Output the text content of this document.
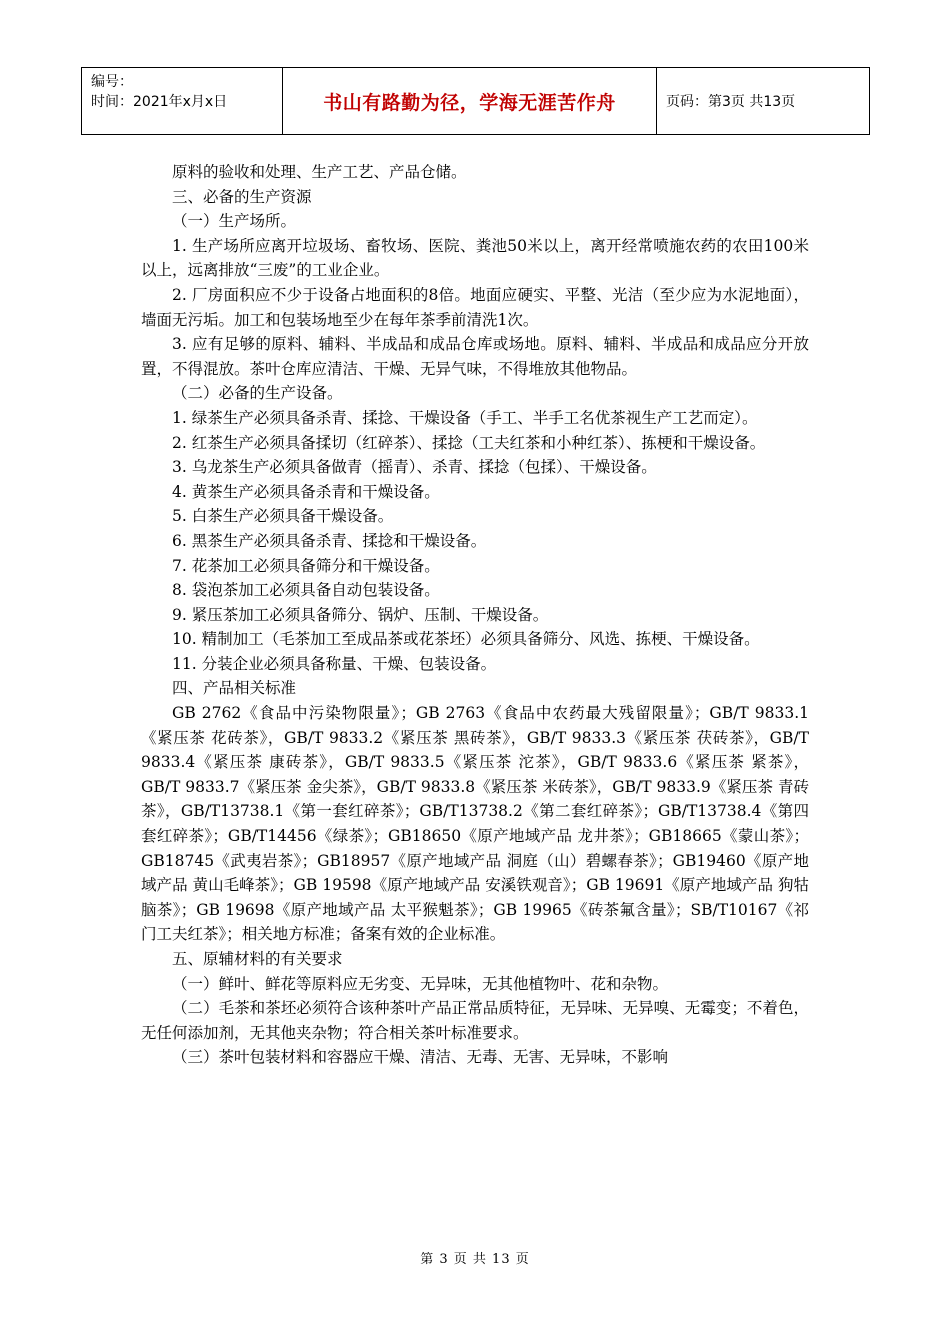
编号：
时间：2021年x月x日	书山有路勤为径，学海无涯苦作舟	页码：第3页 共13页

原料的验收和处理、生产工艺、产品仓储。

三、必备的生产资源

（一）生产场所。

1. 生产场所应离开垃圾场、畜牧场、医院、粪池50米以上，离开经常喷施农药的农田100米以上，远离排放“三废”的工业企业。

2. 厂房面积应不少于设备占地面积的8倍。地面应硬实、平整、光洁（至少应为水泥地面），墙面无污垢。加工和包装场地至少在每年茶季前清洗1次。

3. 应有足够的原料、辅料、半成品和成品仓库或场地。原料、辅料、半成品和成品应分开放置，不得混放。茶叶仓库应清洁、干燥、无异气味，不得堆放其他物品。

（二）必备的生产设备。

1. 绿茶生产必须具备杀青、揉捻、干燥设备（手工、半手工名优茶视生产工艺而定）。

2. 红茶生产必须具备揉切（红碎茶）、揉捻（工夫红茶和小种红茶）、拣梗和干燥设备。

3. 乌龙茶生产必须具备做青（摇青）、杀青、揉捻（包揉）、干燥设备。

4. 黄茶生产必须具备杀青和干燥设备。

5. 白茶生产必须具备干燥设备。

6. 黑茶生产必须具备杀青、揉捻和干燥设备。

7. 花茶加工必须具备筛分和干燥设备。

8. 袋泡茶加工必须具备自动包装设备。

9. 紧压茶加工必须具备筛分、锅炉、压制、干燥设备。

10. 精制加工（毛茶加工至成品茶或花茶坯）必须具备筛分、风选、拣梗、干燥设备。

11. 分装企业必须具备称量、干燥、包装设备。

四、产品相关标准

GB 2762《食品中污染物限量》；GB 2763《食品中农药最大残留限量》；GB/T 9833.1《紧压茶 花砖茶》，GB/T 9833.2《紧压茶 黑砖茶》，GB/T 9833.3《紧压茶 茯砖茶》，GB/T 9833.4《紧压茶 康砖茶》，GB/T 9833.5《紧压茶 沱茶》，GB/T 9833.6《紧压茶 紧茶》，GB/T 9833.7《紧压茶 金尖茶》，GB/T 9833.8《紧压茶 米砖茶》，GB/T 9833.9《紧压茶 青砖茶》，GB/T13738.1《第一套红碎茶》；GB/T13738.2《第二套红碎茶》；GB/T13738.4《第四套红碎茶》；GB/T14456《绿茶》；GB18650《原产地域产品 龙井茶》；GB18665《蒙山茶》；GB18745《武夷岩茶》；GB18957《原产地域产品 洞庭（山）碧螺春茶》；GB19460《原产地域产品 黄山毛峰茶》；GB 19598《原产地域产品 安溪铁观音》；GB 19691《原产地域产品 狗牯脑茶》；GB 19698《原产地域产品 太平猴魁茶》；GB 19965《砖茶氟含量》；SB/T10167《祁门工夫红茶》；相关地方标准；备案有效的企业标准。

五、原辅材料的有关要求

（一）鲜叶、鲜花等原料应无劣变、无异味，无其他植物叶、花和杂物。

（二）毛茶和茶坯必须符合该种茶叶产品正常品质特征，无异味、无异嗅、无霉变；不着色，无任何添加剂，无其他夹杂物；符合相关茶叶标准要求。

（三）茶叶包装材料和容器应干燥、清洁、无毒、无害、无异味，不影响

第 3 页 共 13 页
